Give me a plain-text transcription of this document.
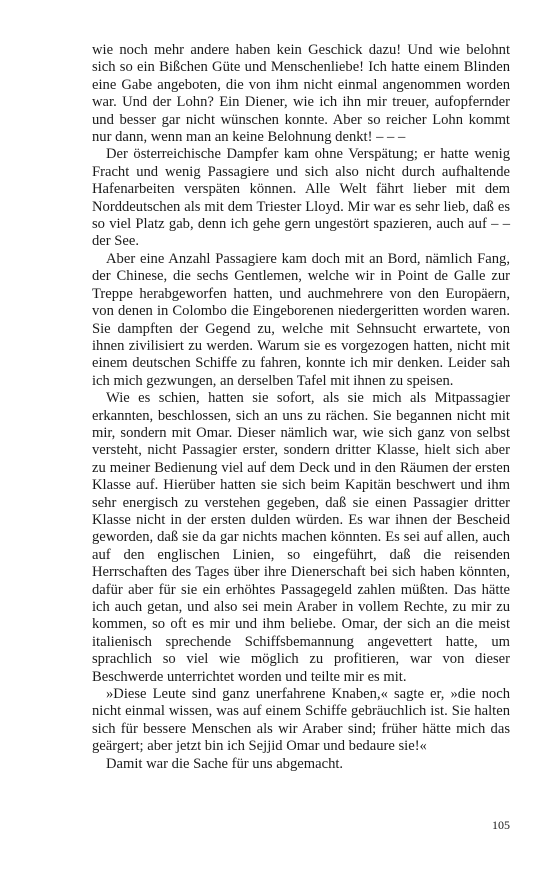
wie noch mehr andere haben kein Geschick dazu! Und wie belohnt sich so ein Bißchen Güte und Menschenliebe! Ich hatte einem Blinden eine Gabe angeboten, die von ihm nicht einmal angenommen worden war. Und der Lohn? Ein Diener, wie ich ihn mir treuer, aufopfernder und besser gar nicht wünschen konnte. Aber so reicher Lohn kommt nur dann, wenn man an keine Belohnung denkt! – – –

Der österreichische Dampfer kam ohne Verspätung; er hatte wenig Fracht und wenig Passagiere und sich also nicht durch aufhaltende Hafenarbeiten verspäten können. Alle Welt fährt lieber mit dem Norddeutschen als mit dem Triester Lloyd. Mir war es sehr lieb, daß es so viel Platz gab, denn ich gehe gern ungestört spazieren, auch auf – – der See.

Aber eine Anzahl Passagiere kam doch mit an Bord, nämlich Fang, der Chinese, die sechs Gentlemen, welche wir in Point de Galle zur Treppe herabgeworfen hatten, und auchmehrere von den Europäern, von denen in Colombo die Eingeborenen niedergeritten worden waren. Sie dampften der Gegend zu, welche mit Sehnsucht erwartete, von ihnen zivilisiert zu werden. Warum sie es vorgezogen hatten, nicht mit einem deutschen Schiffe zu fahren, konnte ich mir denken. Leider sah ich mich gezwungen, an derselben Tafel mit ihnen zu speisen.

Wie es schien, hatten sie sofort, als sie mich als Mitpassagier erkannten, beschlossen, sich an uns zu rächen. Sie begannen nicht mit mir, sondern mit Omar. Dieser nämlich war, wie sich ganz von selbst versteht, nicht Passagier erster, sondern dritter Klasse, hielt sich aber zu meiner Bedienung viel auf dem Deck und in den Räumen der ersten Klasse auf. Hierüber hatten sie sich beim Kapitän beschwert und ihm sehr energisch zu verstehen gegeben, daß sie einen Passagier dritter Klasse nicht in der ersten dulden würden. Es war ihnen der Bescheid geworden, daß sie da gar nichts machen könnten. Es sei auf allen, auch auf den englischen Linien, so eingeführt, daß die reisenden Herrschaften des Tages über ihre Dienerschaft bei sich haben könnten, dafür aber für sie ein erhöhtes Passagegeld zahlen müßten. Das hätte ich auch getan, und also sei mein Araber in vollem Rechte, zu mir zu kommen, so oft es mir und ihm beliebe. Omar, der sich an die meist italienisch sprechende Schiffsbemannung angevettert hatte, um sprachlich so viel wie möglich zu profitieren, war von dieser Beschwerde unterrichtet worden und teilte mir es mit.

»Diese Leute sind ganz unerfahrene Knaben,« sagte er, »die noch nicht einmal wissen, was auf einem Schiffe gebräuchlich ist. Sie halten sich für bessere Menschen als wir Araber sind; früher hätte mich das geärgert; aber jetzt bin ich Sejjid Omar und bedaure sie!«

Damit war die Sache für uns abgemacht.

105
